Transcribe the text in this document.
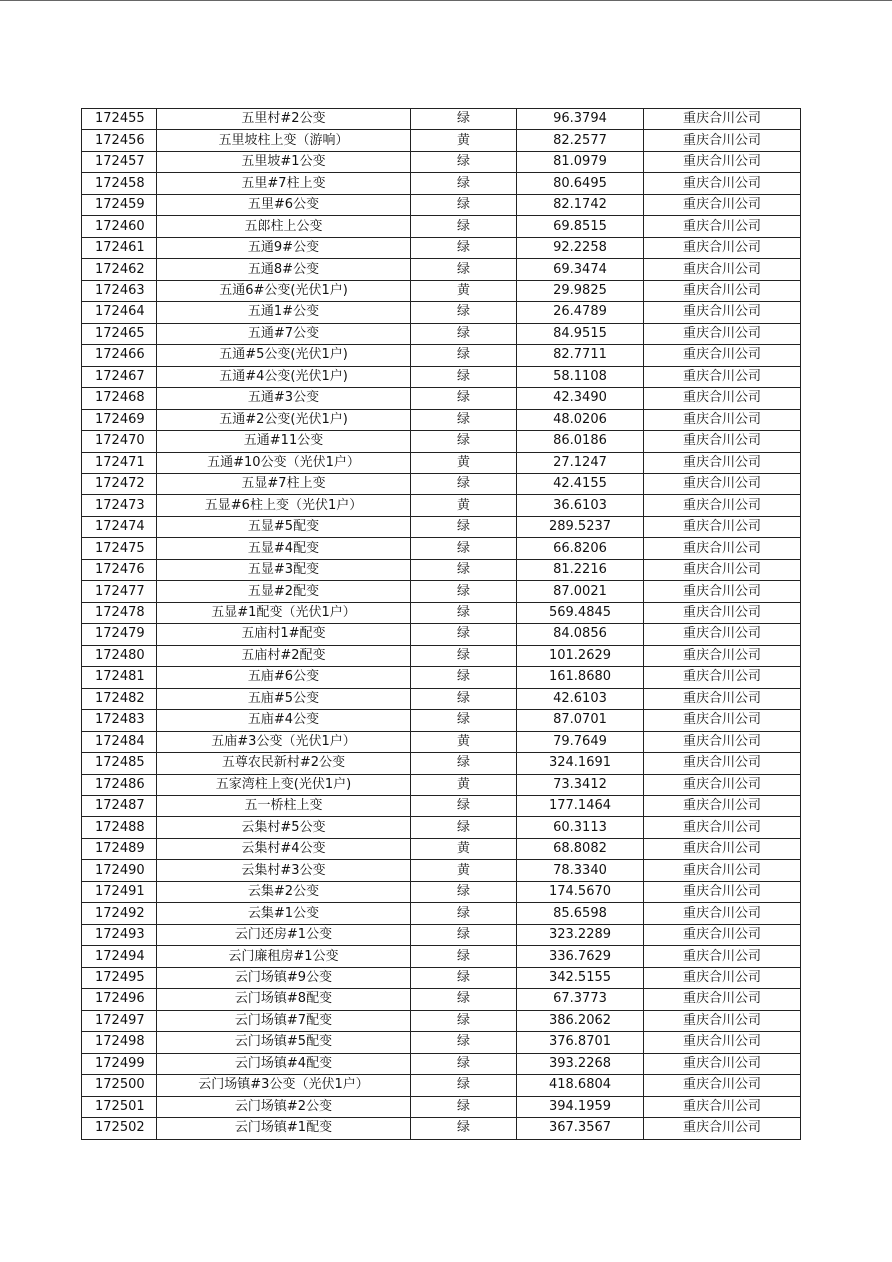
172455	五里村#2公变	绿	96.3794	重庆合川公司
172456	五里坡柱上变（游响）	黄	82.2577	重庆合川公司
172457	五里坡#1公变	绿	81.0979	重庆合川公司
172458	五里#7柱上变	绿	80.6495	重庆合川公司
172459	五里#6公变	绿	82.1742	重庆合川公司
172460	五郎柱上公变	绿	69.8515	重庆合川公司
172461	五通9#公变	绿	92.2258	重庆合川公司
172462	五通8#公变	绿	69.3474	重庆合川公司
172463	五通6#公变(光伏1户)	黄	29.9825	重庆合川公司
172464	五通1#公变	绿	26.4789	重庆合川公司
172465	五通#7公变	绿	84.9515	重庆合川公司
172466	五通#5公变(光伏1户)	绿	82.7711	重庆合川公司
172467	五通#4公变(光伏1户)	绿	58.1108	重庆合川公司
172468	五通#3公变	绿	42.3490	重庆合川公司
172469	五通#2公变(光伏1户)	绿	48.0206	重庆合川公司
172470	五通#11公变	绿	86.0186	重庆合川公司
172471	五通#10公变（光伏1户）	黄	27.1247	重庆合川公司
172472	五显#7柱上变	绿	42.4155	重庆合川公司
172473	五显#6柱上变（光伏1户）	黄	36.6103	重庆合川公司
172474	五显#5配变	绿	289.5237	重庆合川公司
172475	五显#4配变	绿	66.8206	重庆合川公司
172476	五显#3配变	绿	81.2216	重庆合川公司
172477	五显#2配变	绿	87.0021	重庆合川公司
172478	五显#1配变（光伏1户）	绿	569.4845	重庆合川公司
172479	五庙村1#配变	绿	84.0856	重庆合川公司
172480	五庙村#2配变	绿	101.2629	重庆合川公司
172481	五庙#6公变	绿	161.8680	重庆合川公司
172482	五庙#5公变	绿	42.6103	重庆合川公司
172483	五庙#4公变	绿	87.0701	重庆合川公司
172484	五庙#3公变（光伏1户）	黄	79.7649	重庆合川公司
172485	五尊农民新村#2公变	绿	324.1691	重庆合川公司
172486	五家湾柱上变(光伏1户)	黄	73.3412	重庆合川公司
172487	五一桥柱上变	绿	177.1464	重庆合川公司
172488	云集村#5公变	绿	60.3113	重庆合川公司
172489	云集村#4公变	黄	68.8082	重庆合川公司
172490	云集村#3公变	黄	78.3340	重庆合川公司
172491	云集#2公变	绿	174.5670	重庆合川公司
172492	云集#1公变	绿	85.6598	重庆合川公司
172493	云门还房#1公变	绿	323.2289	重庆合川公司
172494	云门廉租房#1公变	绿	336.7629	重庆合川公司
172495	云门场镇#9公变	绿	342.5155	重庆合川公司
172496	云门场镇#8配变	绿	67.3773	重庆合川公司
172497	云门场镇#7配变	绿	386.2062	重庆合川公司
172498	云门场镇#5配变	绿	376.8701	重庆合川公司
172499	云门场镇#4配变	绿	393.2268	重庆合川公司
172500	云门场镇#3公变（光伏1户）	绿	418.6804	重庆合川公司
172501	云门场镇#2公变	绿	394.1959	重庆合川公司
172502	云门场镇#1配变	绿	367.3567	重庆合川公司
